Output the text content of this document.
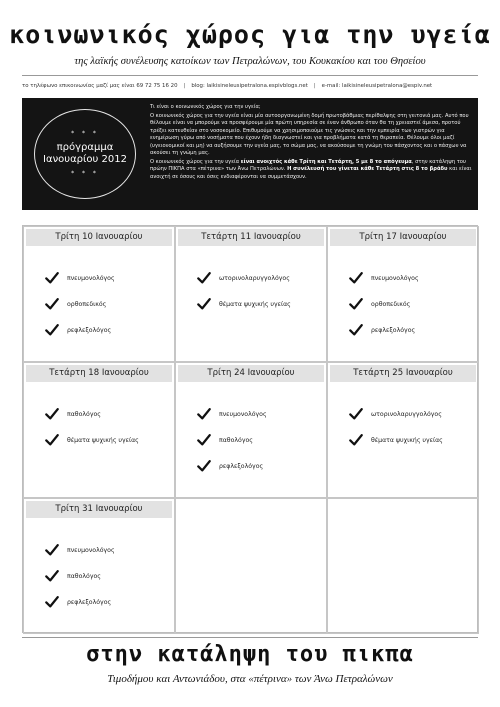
κοινωνικός χώρος για την υγεία
της λαϊκής συνέλευσης κατοίκων των Πετραλώνων, του Κουκακίου και του Θησείου
το τηλέφωνο επικοινωνίας μαζί μας είναι 69 72 75 16 20 | blog: laikisineleusipetralona.espivblogs.net | e-mail: laikisineleusipetralona@espiv.net
* * *
πρόγραμμα
Ιανουαρίου 2012
* * *

Τι είναι ο κοινωνικός χώρος για την υγεία;

Ο κοινωνικός χώρος για την υγεία είναι μία αυτοοργανωμένη δομή πρωτοβάθμιας περίθαλψης στη γειτονιά μας. Αυτό που θέλουμε είναι να μπορούμε να προσφέρουμε μία πρώτη υπηρεσία σε έναν άνθρωπο όταν θα τη χρειαστεί άμεσα, προτού τρέξει κατευθείαν στο νοσοκομείο. Επιθυμούμε να χρησιμοποιούμε τις γνώσεις και την εμπειρία των γιατρών για ενημέρωση γύρω από νοσήματα που έχουν ήδη διαγνωστεί και για προβλήματα κατά τη θεραπεία. Θέλουμε όλοι μαζί (υγειονομικοί και μη) να αυξήσουμε την υγεία μας, το σώμα μας, να ακούσουμε τη γνώμη του πάσχοντος και ο πάσχων να ακούσει τη γνώμη μας.

Ο κοινωνικός χώρος για την υγεία είναι ανοιχτός κάθε Τρίτη και Τετάρτη, 5 με 8 το απόγευμα, στην κατάληψη του πρώην ΠΙΚΠΑ στα «πέτρινα» των Άνω Πετραλώνων. Η συνέλευσή του γίνεται κάθε Τετάρτη στις 8 το βράδυ και είναι ανοιχτή σε όσους και όσες ενδιαφέρονται να συμμετάσχουν.

Τρίτη 10 Ιανουαρίου
πνευμονολόγος
ορθοπεδικός
ρεφλεξολόγος
Τετάρτη 11 Ιανουαρίου
ωτορινολαρυγγολόγος
θέματα ψυχικής υγείας
Τρίτη 17 Ιανουαρίου
πνευμονολόγος
ορθοπεδικός
ρεφλεξολόγος
Τετάρτη 18 Ιανουαρίου
παθολόγος
θέματα ψυχικής υγείας
Τρίτη 24 Ιανουαρίου
πνευμονολόγος
παθολόγος
ρεφλεξολόγος
Τετάρτη 25 Ιανουαρίου
ωτορινολαρυγγολόγος
θέματα ψυχικής υγείας
Τρίτη 31 Ιανουαρίου
πνευμονολόγος
παθολόγος
ρεφλεξολόγος
στην κατάληψη του πικπα
Τιμοδήμου και Αντωνιάδου, στα «πέτρινα» των Άνω Πετραλώνων
